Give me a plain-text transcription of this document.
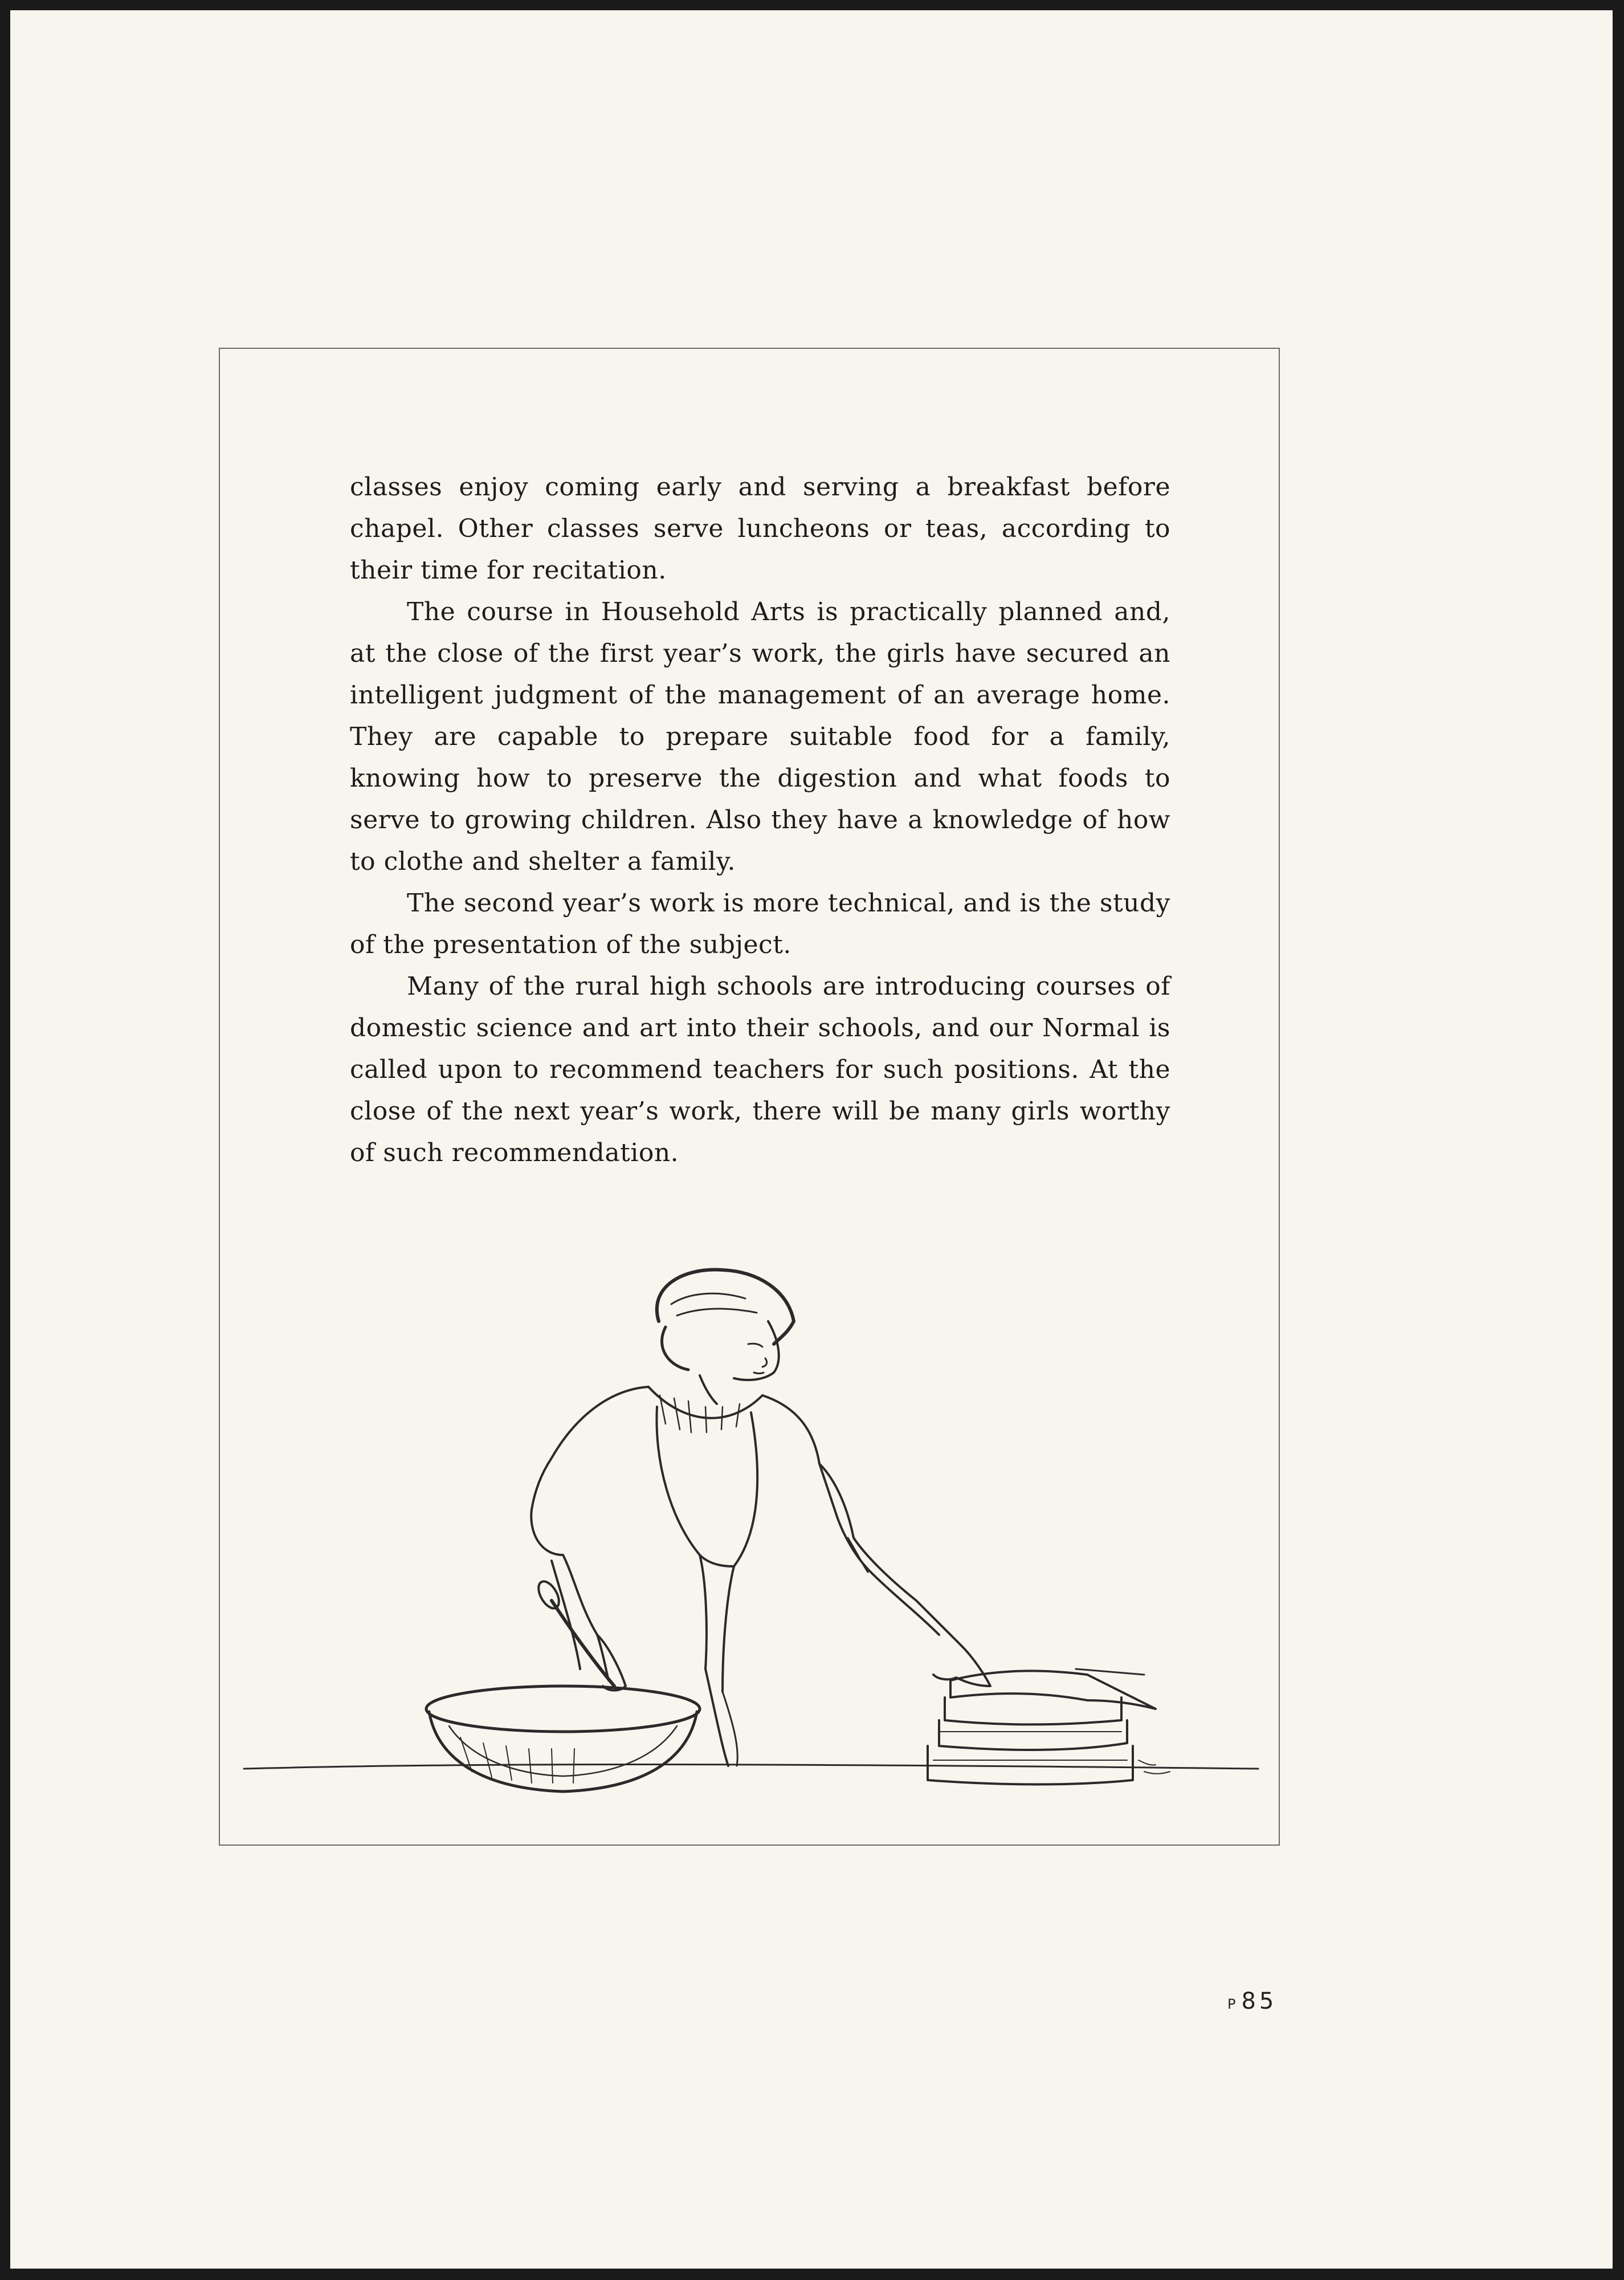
classes enjoy coming early and serving a breakfast before chapel. Other classes serve luncheons or teas, according to their time for recitation.

The course in Household Arts is practically planned and, at the close of the first year’s work, the girls have secured an intelligent judgment of the management of an average home. They are capable to prepare suitable food for a family, knowing how to preserve the digestion and what foods to serve to growing children. Also they have a knowledge of how to clothe and shelter a family.

The second year’s work is more technical, and is the study of the presentation of the subject.

Many of the rural high schools are introducing courses of domestic science and art into their schools, and our Normal is called upon to recommend teachers for such positions. At the close of the next year’s work, there will be many girls worthy of such recommendation.

P 85
